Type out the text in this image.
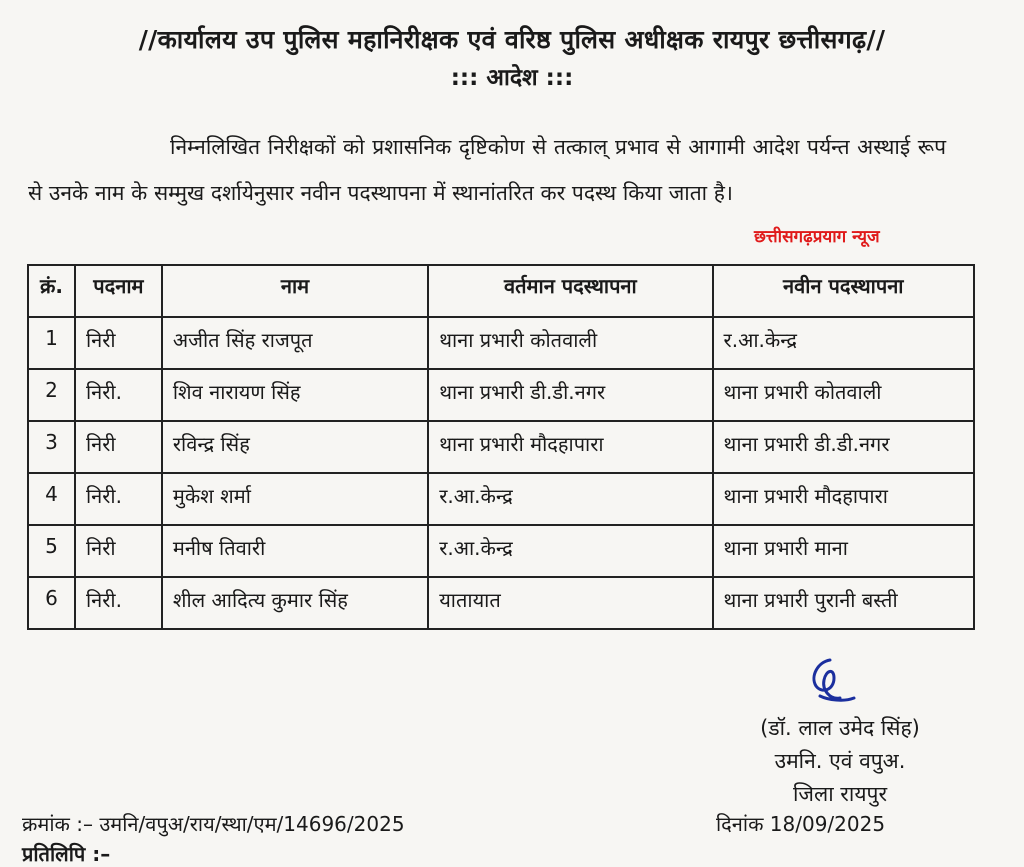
//कार्यालय उप पुलिस महानिरीक्षक एवं वरिष्ठ पुलिस अधीक्षक रायपुर छत्तीसगढ़//
::: आदेश :::
निम्नलिखित निरीक्षकों को प्रशासनिक दृष्टिकोण से तत्काल् प्रभाव से आगामी आदेश पर्यन्त अस्थाई रूप से उनके नाम के सम्मुख दर्शायेनुसार नवीन पदस्थापना में स्थानांतरित कर पदस्थ किया जाता है।
छत्तीसगढ़प्रयाग न्यूज
क्रं.	पदनाम	नाम	वर्तमान पदस्थापना	नवीन पदस्थापना
1	निरी	अजीत सिंह राजपूत	थाना प्रभारी कोतवाली	र.आ.केन्द्र
2	निरी.	शिव नारायण सिंह	थाना प्रभारी डी.डी.नगर	थाना प्रभारी कोतवाली
3	निरी	रविन्द्र सिंह	थाना प्रभारी मौदहापारा	थाना प्रभारी डी.डी.नगर
4	निरी.	मुकेश शर्मा	र.आ.केन्द्र	थाना प्रभारी मौदहापारा
5	निरी	मनीष तिवारी	र.आ.केन्द्र	थाना प्रभारी माना
6	निरी.	शील आदित्य कुमार सिंह	यातायात	थाना प्रभारी पुरानी बस्ती
(डॉ. लाल उमेद सिंह)
उमनि. एवं वपुअ.
जिला रायपुर
क्रमांक :– उमनि/वपुअ/राय/स्था/एम/14696/2025	दिनांक 18/09/2025
प्रतिलिपि :–
